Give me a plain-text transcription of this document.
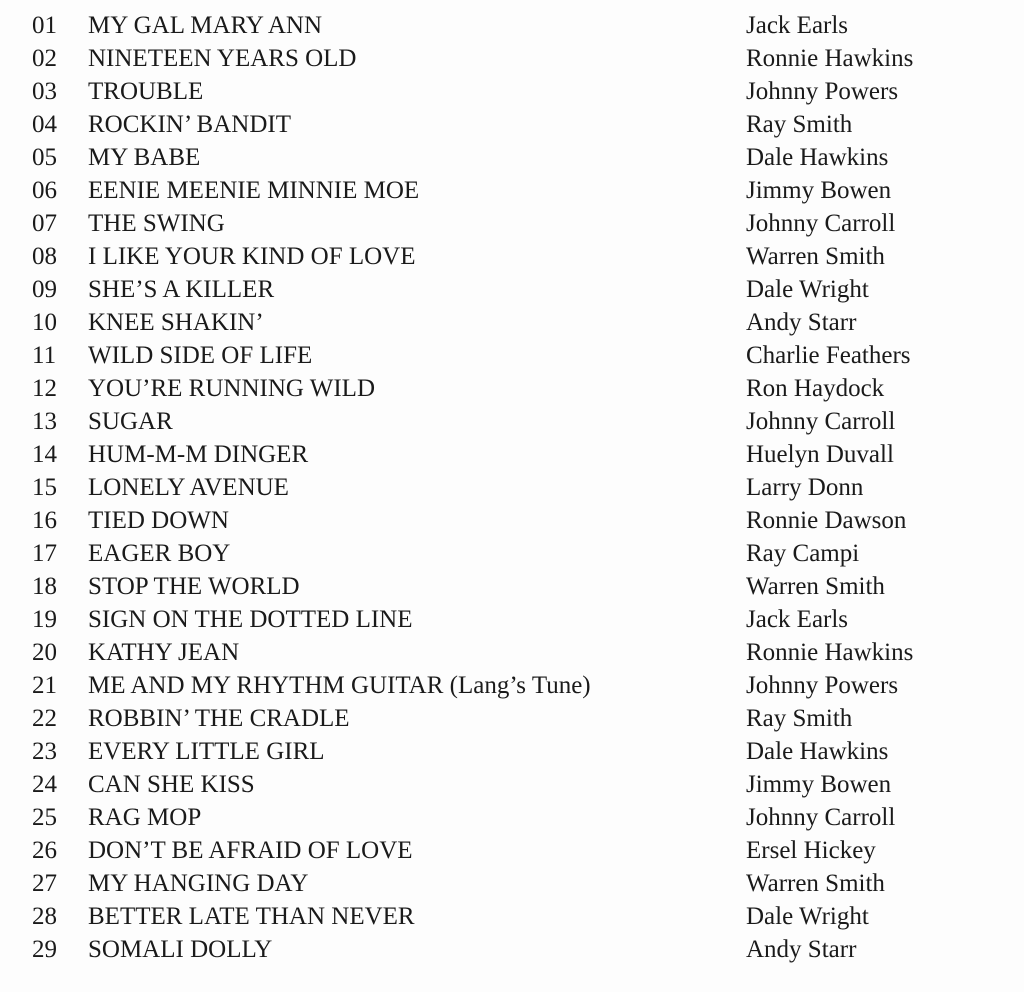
01 MY GAL MARY ANN	Jack Earls
02 NINETEEN YEARS OLD	Ronnie Hawkins
03 TROUBLE	Johnny Powers
04 ROCKIN’ BANDIT	Ray Smith
05 MY BABE	Dale Hawkins
06 EENIE MEENIE MINNIE MOE	Jimmy Bowen
07 THE SWING	Johnny Carroll
08 I LIKE YOUR KIND OF LOVE	Warren Smith
09 SHE’S A KILLER	Dale Wright
10 KNEE SHAKIN’	Andy Starr
11 WILD SIDE OF LIFE	Charlie Feathers
12 YOU’RE RUNNING WILD	Ron Haydock
13 SUGAR	Johnny Carroll
14 HUM-M-M DINGER	Huelyn Duvall
15 LONELY AVENUE	Larry Donn
16 TIED DOWN	Ronnie Dawson
17 EAGER BOY	Ray Campi
18 STOP THE WORLD	Warren Smith
19 SIGN ON THE DOTTED LINE	Jack Earls
20 KATHY JEAN	Ronnie Hawkins
21 ME AND MY RHYTHM GUITAR (Lang’s Tune)	Johnny Powers
22 ROBBIN’ THE CRADLE	Ray Smith
23 EVERY LITTLE GIRL	Dale Hawkins
24 CAN SHE KISS	Jimmy Bowen
25 RAG MOP	Johnny Carroll
26 DON’T BE AFRAID OF LOVE	Ersel Hickey
27 MY HANGING DAY	Warren Smith
28 BETTER LATE THAN NEVER	Dale Wright
29 SOMALI DOLLY	Andy Starr
